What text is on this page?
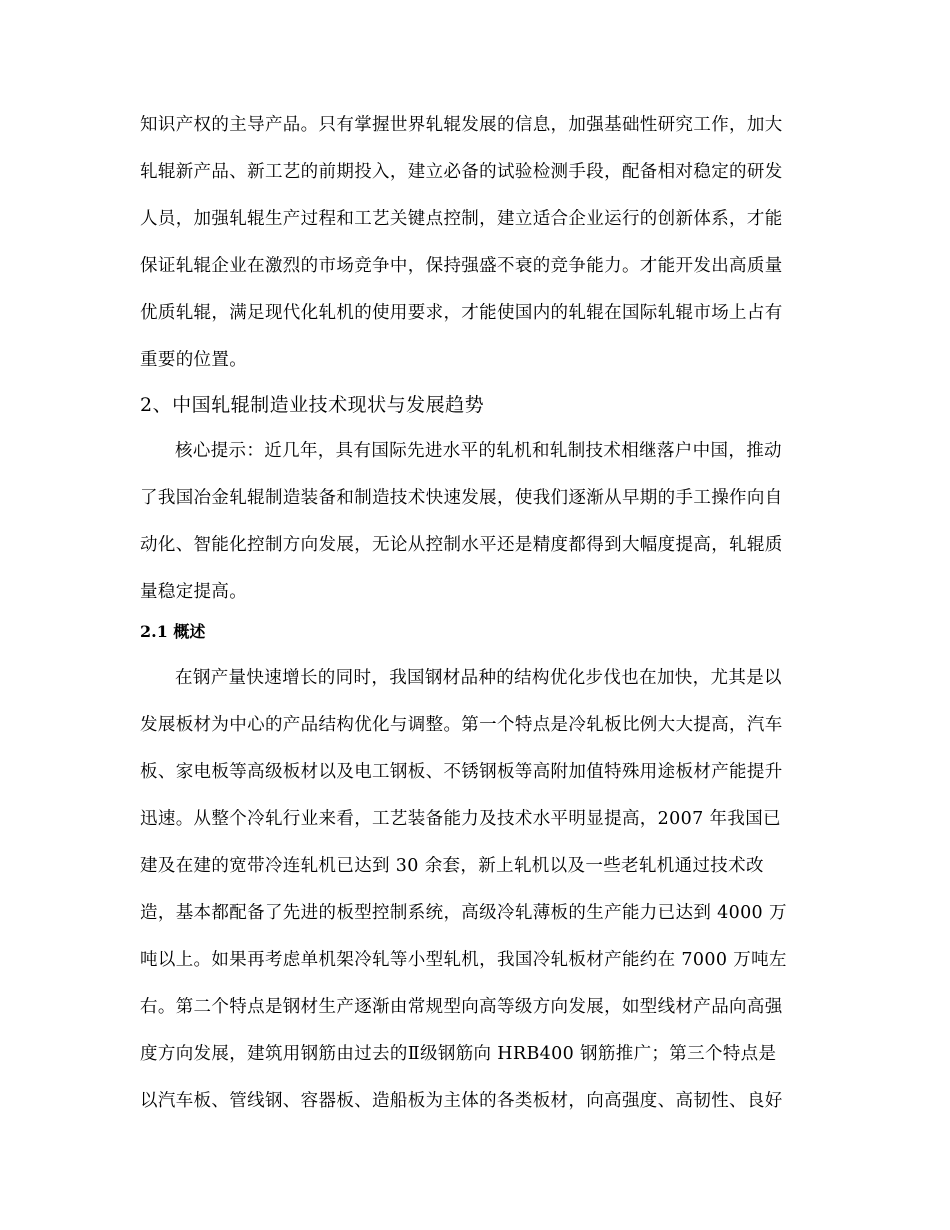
知识产权的主导产品。只有掌握世界轧辊发展的信息，加强基础性研究工作，加大
轧辊新产品、新工艺的前期投入，建立必备的试验检测手段，配备相对稳定的研发
人员，加强轧辊生产过程和工艺关键点控制，建立适合企业运行的创新体系，才能
保证轧辊企业在激烈的市场竞争中，保持强盛不衰的竞争能力。才能开发出高质量
优质轧辊，满足现代化轧机的使用要求，才能使国内的轧辊在国际轧辊市场上占有
重要的位置。
2、中国轧辊制造业技术现状与发展趋势
核心提示：近几年，具有国际先进水平的轧机和轧制技术相继落户中国，推动
了我国冶金轧辊制造装备和制造技术快速发展，使我们逐渐从早期的手工操作向自
动化、智能化控制方向发展，无论从控制水平还是精度都得到大幅度提高，轧辊质
量稳定提高。
2.1 概述
在钢产量快速增长的同时，我国钢材品种的结构优化步伐也在加快，尤其是以
发展板材为中心的产品结构优化与调整。第一个特点是冷轧板比例大大提高，汽车
板、家电板等高级板材以及电工钢板、不锈钢板等高附加值特殊用途板材产能提升
迅速。从整个冷轧行业来看，工艺装备能力及技术水平明显提高，2007 年我国已
建及在建的宽带冷连轧机已达到 30 余套，新上轧机以及一些老轧机通过技术改
造，基本都配备了先进的板型控制系统，高级冷轧薄板的生产能力已达到 4000 万
吨以上。如果再考虑单机架冷轧等小型轧机，我国冷轧板材产能约在 7000 万吨左
右。第二个特点是钢材生产逐渐由常规型向高等级方向发展，如型线材产品向高强
度方向发展，建筑用钢筋由过去的Ⅱ级钢筋向 HRB400 钢筋推广；第三个特点是
以汽车板、管线钢、容器板、造船板为主体的各类板材，向高强度、高韧性、良好
